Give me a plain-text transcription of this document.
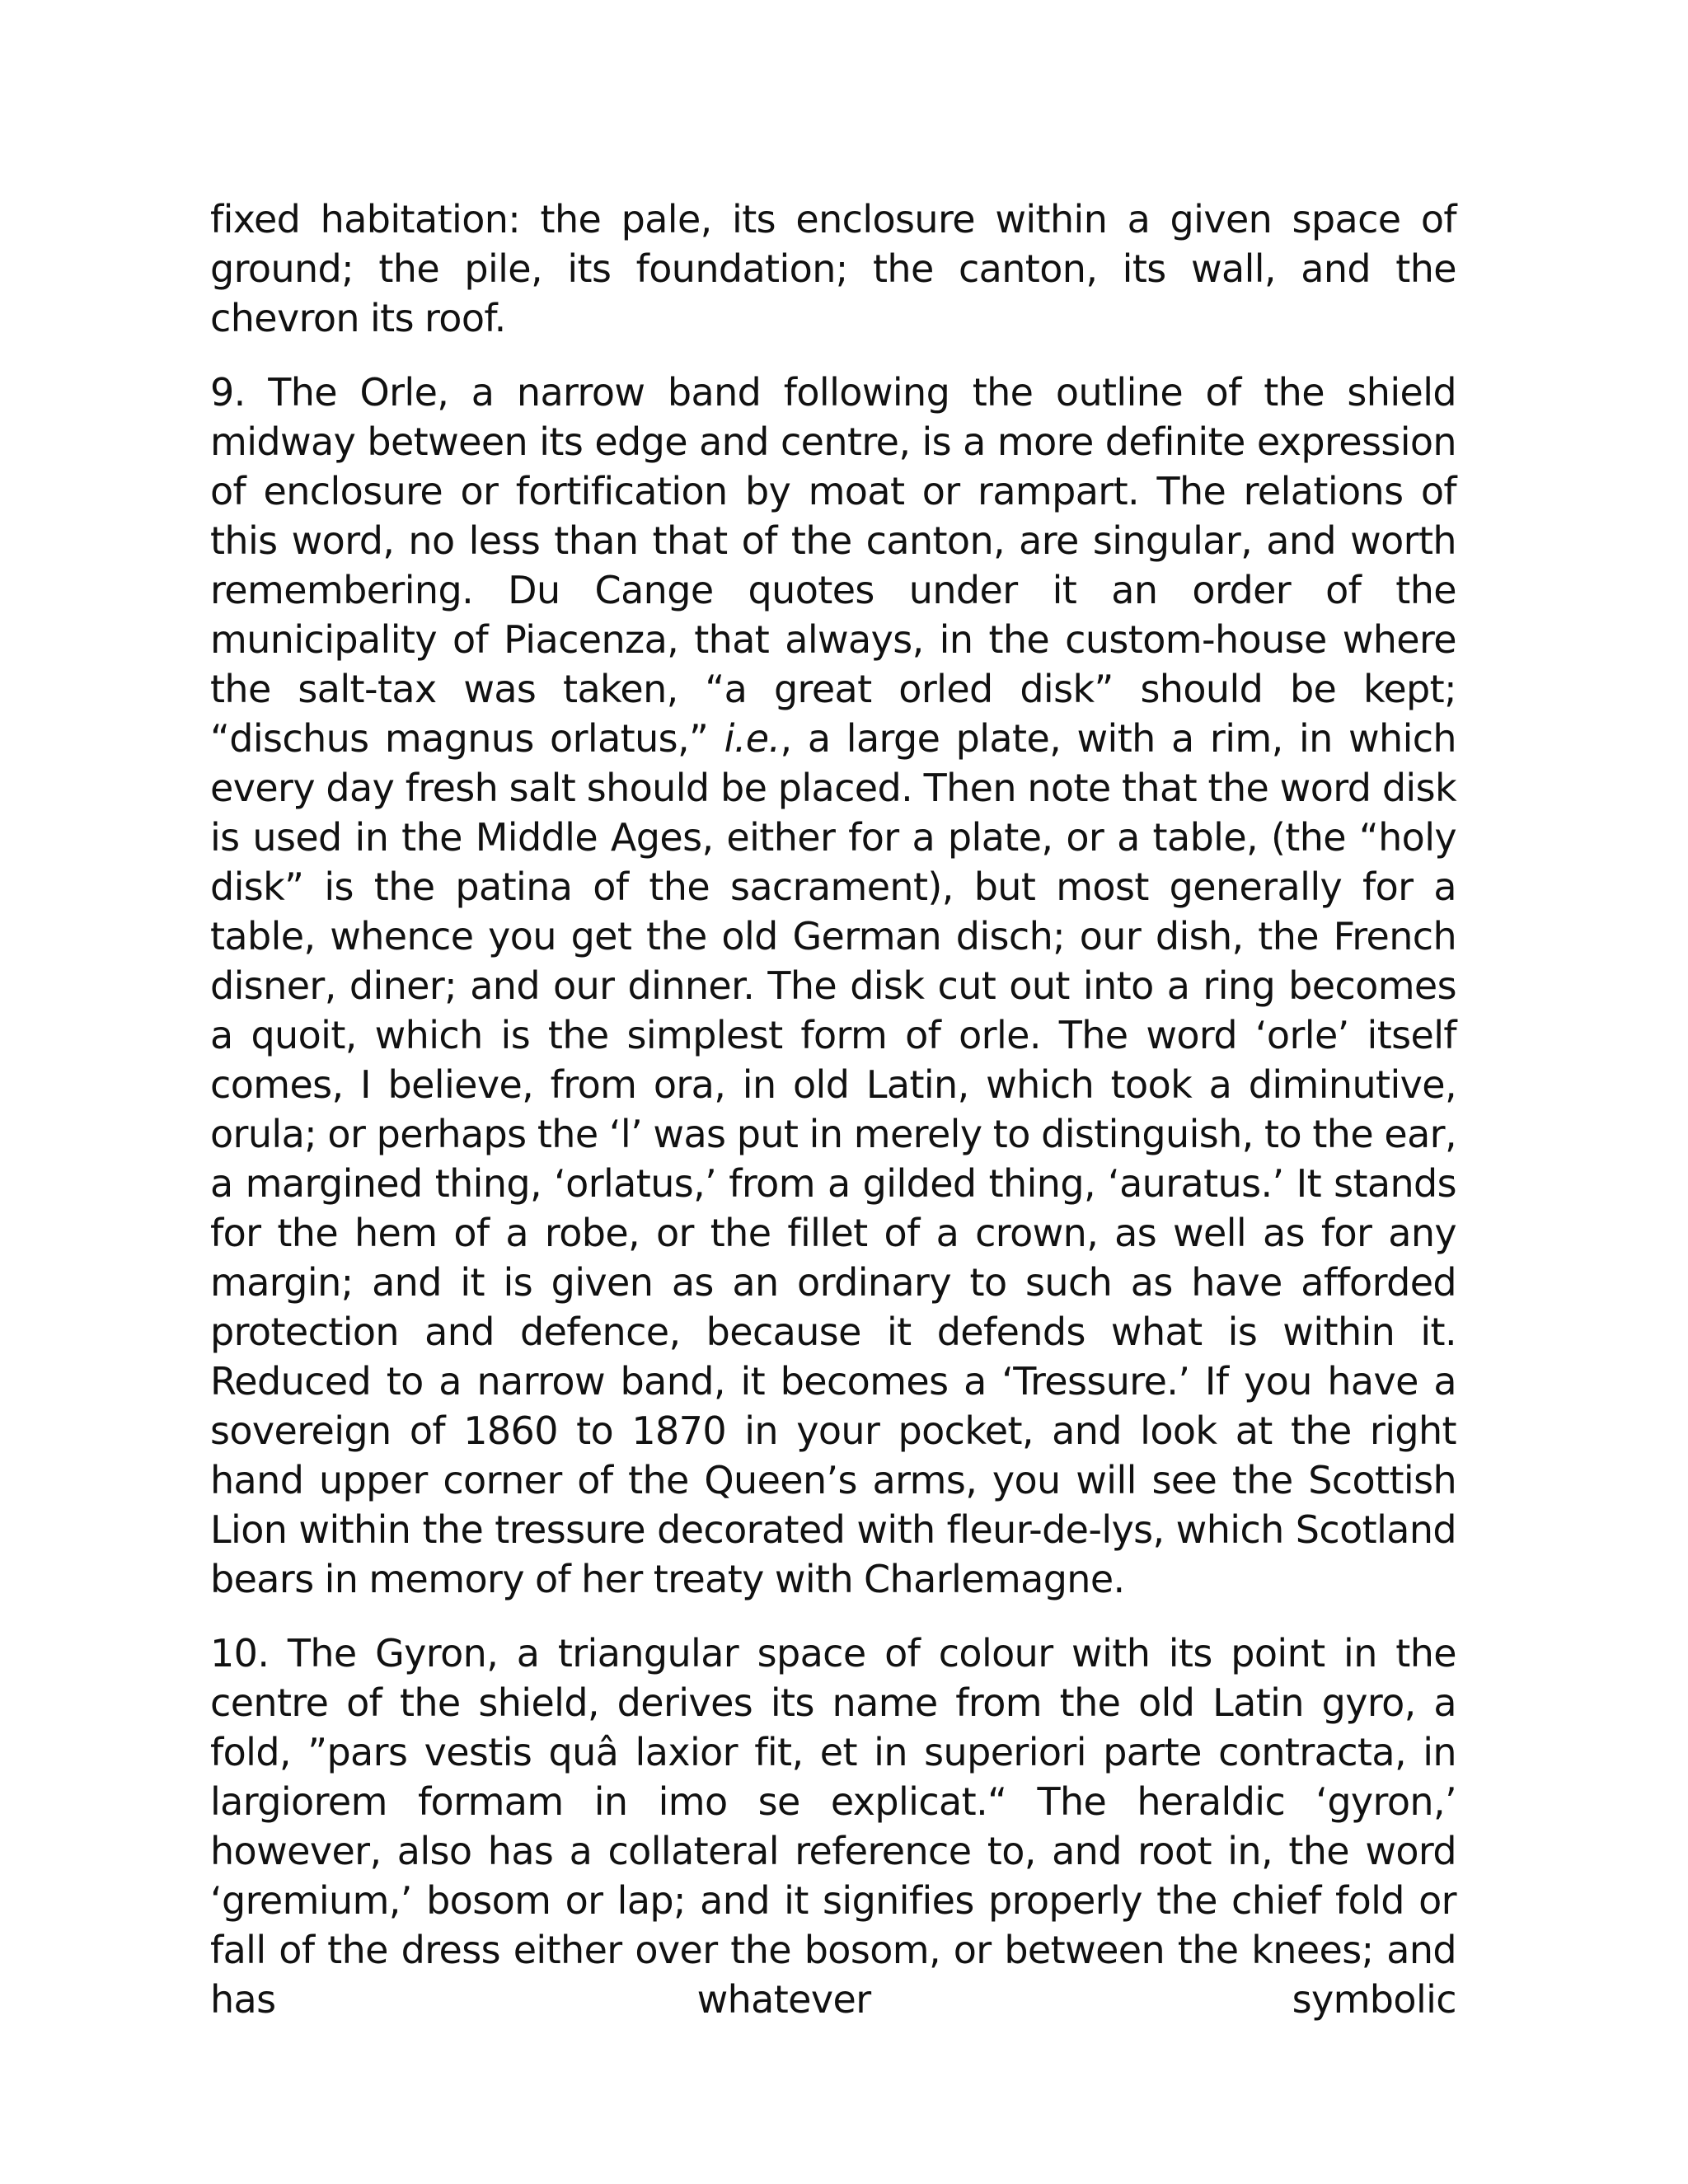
fixed habitation: the pale, its enclosure within a given space of ground; the pile, its foundation; the canton, its wall, and the chevron its roof.

9. The Orle, a narrow band following the outline of the shield midway between its edge and centre, is a more definite expression of enclosure or fortification by moat or rampart. The relations of this word, no less than that of the canton, are singular, and worth remembering. Du Cange quotes under it an order of the municipality of Piacenza, that always, in the custom-house where the salt-tax was taken, “a great orled disk” should be kept; “dischus magnus orlatus,” i.e., a large plate, with a rim, in which every day fresh salt should be placed. Then note that the word disk is used in the Middle Ages, either for a plate, or a table, (the “holy disk” is the patina of the sacrament), but most generally for a table, whence you get the old German disch; our dish, the French disner, diner; and our dinner. The disk cut out into a ring becomes a quoit, which is the simplest form of orle. The word ‘orle’ itself comes, I believe, from ora, in old Latin, which took a diminutive, orula; or perhaps the ‘l’ was put in merely to distinguish, to the ear, a margined thing, ‘orlatus,’ from a gilded thing, ‘auratus.’ It stands for the hem of a robe, or the fillet of a crown, as well as for any margin; and it is given as an ordinary to such as have afforded protection and defence, because it defends what is within it. Reduced to a narrow band, it becomes a ‘Tressure.’ If you have a sovereign of 1860 to 1870 in your pocket, and look at the right hand upper corner of the Queen’s arms, you will see the Scottish Lion within the tressure decorated with fleur-de-lys, which Scotland bears in memory of her treaty with Charlemagne.

10. The Gyron, a triangular space of colour with its point in the centre of the shield, derives its name from the old Latin gyro, a fold, ”pars vestis quâ laxior fit, et in superiori parte contracta, in largiorem formam in imo se explicat.“ The heraldic ‘gyron,’ however, also has a collateral reference to, and root in, the word ‘gremium,’ bosom or lap; and it signifies properly the chief fold or fall of the dress either over the bosom, or between the knees; and has whatever symbolic
